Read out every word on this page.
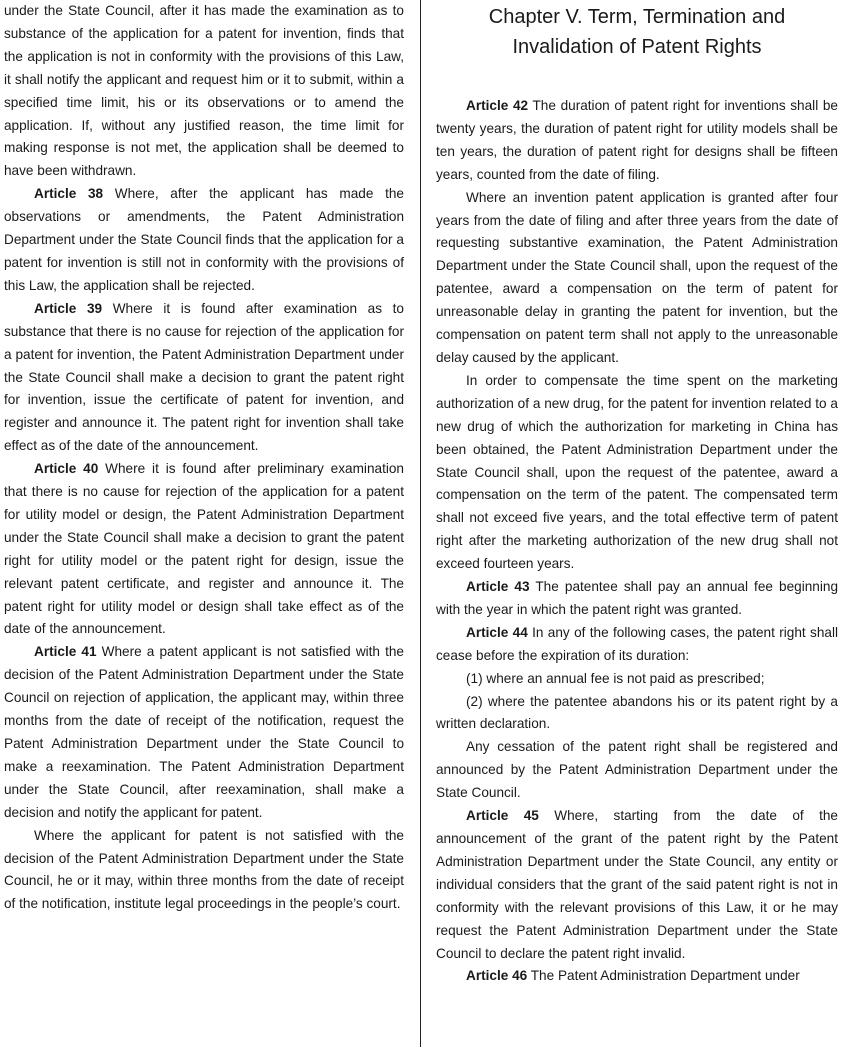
under the State Council, after it has made the examination as to substance of the application for a patent for invention, finds that the application is not in conformity with the provisions of this Law, it shall notify the applicant and request him or it to submit, within a specified time limit, his or its observations or to amend the application. If, without any justified reason, the time limit for making response is not met, the application shall be deemed to have been withdrawn.

Article 38 Where, after the applicant has made the observations or amendments, the Patent Administration Department under the State Council finds that the application for a patent for invention is still not in conformity with the provisions of this Law, the application shall be rejected.

Article 39 Where it is found after examination as to substance that there is no cause for rejection of the application for a patent for invention, the Patent Administration Department under the State Council shall make a decision to grant the patent right for invention, issue the certificate of patent for invention, and register and announce it. The patent right for invention shall take effect as of the date of the announcement.

Article 40 Where it is found after preliminary examination that there is no cause for rejection of the application for a patent for utility model or design, the Patent Administration Department under the State Council shall make a decision to grant the patent right for utility model or the patent right for design, issue the relevant patent certificate, and register and announce it. The patent right for utility model or design shall take effect as of the date of the announcement.

Article 41 Where a patent applicant is not satisfied with the decision of the Patent Administration Department under the State Council on rejection of application, the applicant may, within three months from the date of receipt of the notification, request the Patent Administration Department under the State Council to make a reexamination. The Patent Administration Department under the State Council, after reexamination, shall make a decision and notify the applicant for patent.

Where the applicant for patent is not satisfied with the decision of the Patent Administration Department under the State Council, he or it may, within three months from the date of receipt of the notification, institute legal proceedings in the people’s court.

Chapter V. Term, Termination and
Invalidation of Patent Rights

Article 42 The duration of patent right for inventions shall be twenty years, the duration of patent right for utility models shall be ten years, the duration of patent right for designs shall be fifteen years, counted from the date of filing.

Where an invention patent application is granted after four years from the date of filing and after three years from the date of requesting substantive examination, the Patent Administration Department under the State Council shall, upon the request of the patentee, award a compensation on the term of patent for unreasonable delay in granting the patent for invention, but the compensation on patent term shall not apply to the unreasonable delay caused by the applicant.

In order to compensate the time spent on the marketing authorization of a new drug, for the patent for invention related to a new drug of which the authorization for marketing in China has been obtained, the Patent Administration Department under the State Council shall, upon the request of the patentee, award a compensation on the term of the patent. The compensated term shall not exceed five years, and the total effective term of patent right after the marketing authorization of the new drug shall not exceed fourteen years.

Article 43 The patentee shall pay an annual fee beginning with the year in which the patent right was granted.

Article 44 In any of the following cases, the patent right shall cease before the expiration of its duration:

(1) where an annual fee is not paid as prescribed;

(2) where the patentee abandons his or its patent right by a written declaration.

Any cessation of the patent right shall be registered and announced by the Patent Administration Department under the State Council.

Article 45 Where, starting from the date of the announcement of the grant of the patent right by the Patent Administration Department under the State Council, any entity or individual considers that the grant of the said patent right is not in conformity with the relevant provisions of this Law, it or he may request the Patent Administration Department under the State Council to declare the patent right invalid.

Article 46 The Patent Administration Department under
